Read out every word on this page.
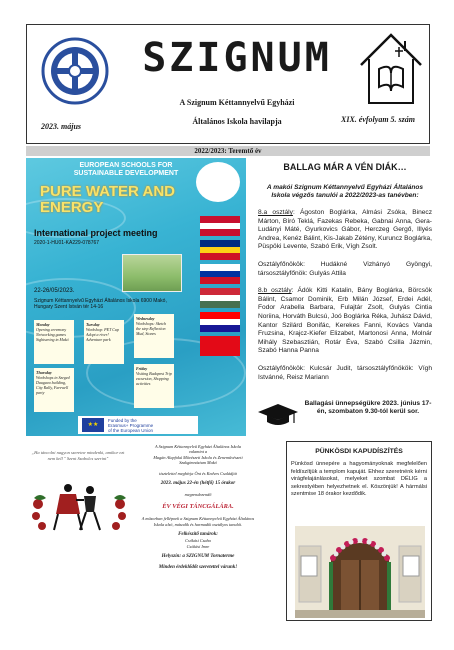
SZIGNUM
A Szignum Kéttannyelvű Egyházi
Általános Iskola havilapja
2023. május
XIX. évfolyam 5. szám
2022/2023: Teremtő év
EUROPEAN SCHOOLS FOR SUSTAINABLE DEVELOPMENT
PURE WATER AND ENERGY
International project meeting
2020-1-HU01-KA229-078767
22-26/05/2023.
Szignum Kéttannyelvű Egyházi Általános Iskola 6900 Makó, Hungary Szent István tér 14-16
Monday
Opening ceremony Networking games Sightseeing in Makó
Tuesday
Workshop: PET Cup Adopt a river! Adventure park
Wednesday
Workshops: Sketch the step Reflection Mud, Stones
Thursday
Workshops in Szeged Daugava building, City Rally, Farewell party
Friday
Visiting Budapest Trip excursion, Shopping activities
★★
Funded by the
Erasmus+ Programme
of the European Union
BALLAG MÁR A VÉN DIÁK…
A makói Szignum Kéttannyelvű Egyházi Általános Iskola végzős tanulói a 2022/2023-as tanévben:
8.a osztály: Ágoston Boglárka, Almási Zsóka, Binecz Márton, Bíró Teklá, Fazekas Rebeka, Gabnai Anna, Gera-Ludányi Máté, Gyurkovics Gábor, Herczeg Gergő, Illyés Andrea, Kenéz Bálint, Kis-Jakab Zétény, Kuruncz Boglárka, Püspöki Levente, Szabó Erik, Vígh Zsolt.
Osztályfőnökök: Hudákné Vizhányó Gyöngyi, társosztályfőnök: Gulyás Attila
8.b osztály: Ádók Kitti Katalin, Bány Boglárka, Börcsök Bálint, Csamor Dominik, Erb Milán József, Erdei Adél, Fodor Arabella Barbara, Fulajtár Zsolt, Gulyás Cintia Noriina, Horváth Bulcsú, Joó Boglárka Réka, Juhász Dávid, Kantor Szilárd Bonifác, Kerekes Fanni, Kovács Vanda Fruzsina, Krajcz-Kiefer Elizabet, Martonosi Anna, Molnár Mihály Szebasztián, Rotár Éva, Szabó Csilla Jázmin, Szabó Hanna Panna
Osztályfőnökök: Kulcsár Judit, társosztályfőnökök: Vígh Istvánné, Reisz Mariann
Ballagási ünnepségükre 2023. június 17-én, szombaton 9.30-tól kerül sor.
„Ha táncolni nagyon szeretne mindenki, amikor ezt nem kell " Szent Szabolcs szerint"
A Szignum Kéttannyelvű Egyházi Általános Iskola
valamint a
Magán Alapfokú Művészeti Iskola és Zeneművészeti Szakgimnázium Makó
tisztelettel meghívja Önt és Kedves Családját
2023. május 22-én (hétfő) 15 órakor
megrendezendő
ÉV VÉGI TÁNCGÁLÁRA.
A műsorban fellépnek a Szignum Kéttannyelvű Egyházi Általános Iskola alsó, második és harmadik osztályos tanulói.
Felkészítő tanárok:
Csókási Csaba
Csókási Imre
Helyszín: a SZIGNUM Tornaterme
Minden érdeklődőt szeretettel várunk!
PÜNKÖSDI KAPUDÍSZÍTÉS
Pünkösd ünnepére a hagyományoknak megfelelően feldíszítjük a templom kapuját. Ehhez szeretnénk kérni virágfelajánlásokat, melyeket szombat DÉLIG a sekrestyében helyezhetnek el. Köszönjük! A hármálsi szentmise 18 órakor kezdődik.
